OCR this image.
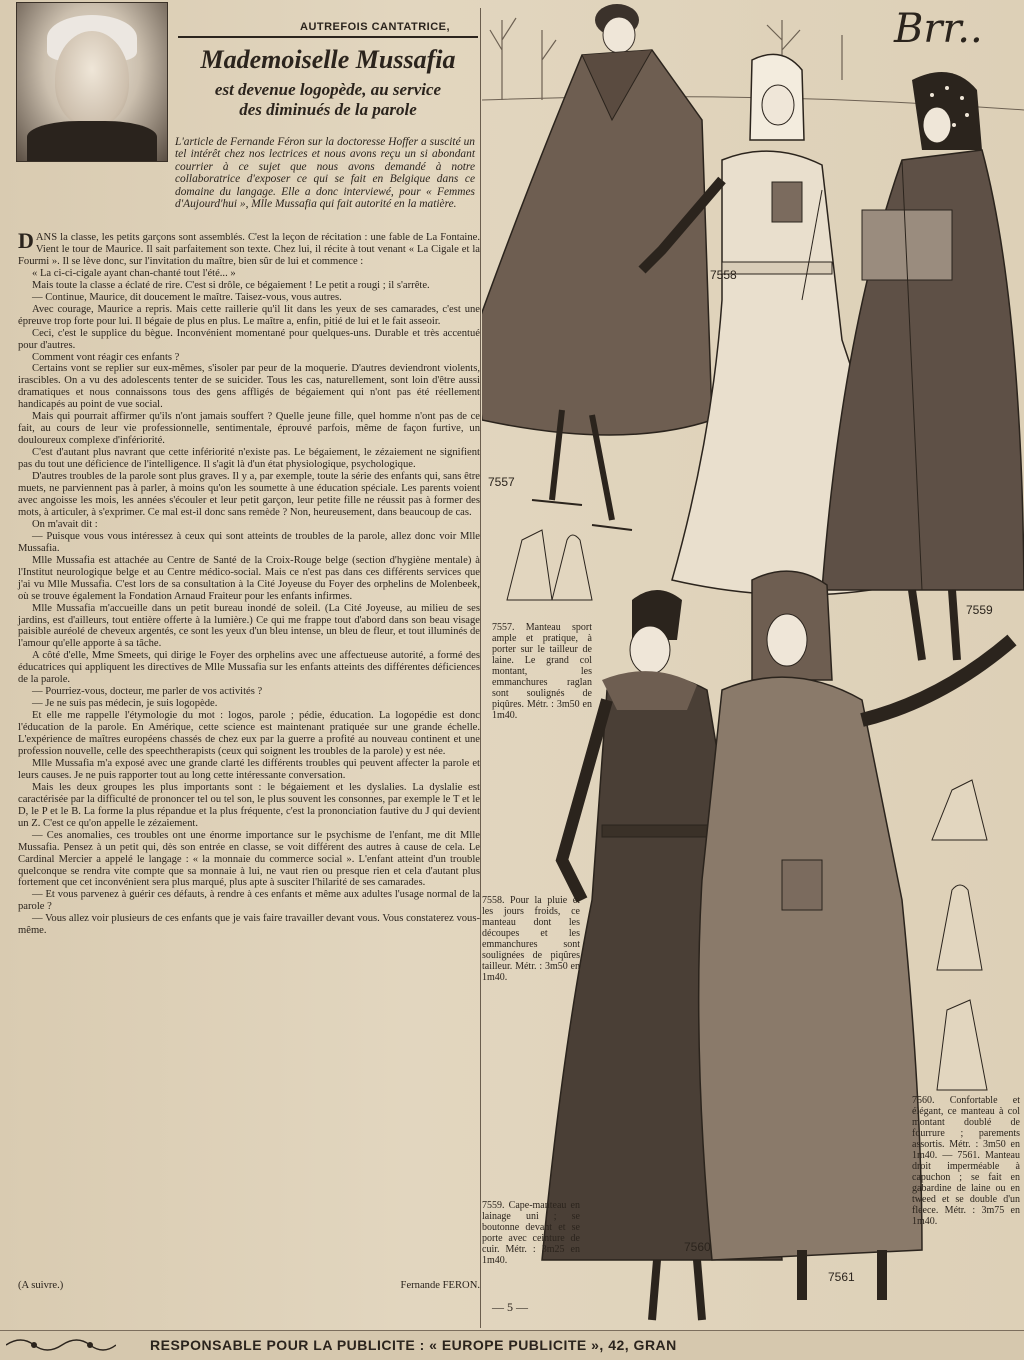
AUTREFOIS CANTATRICE,

Mademoiselle Mussafia
est devenue logopède, au service
des diminués de la parole

L'article de Fernande Féron sur la doctoresse Hoffer a suscité un tel intérêt chez nos lectrices et nous avons reçu un si abondant courrier à ce sujet que nous avons demandé à notre collaboratrice d'exposer ce qui se fait en Belgique dans ce domaine du langage. Elle a donc interviewé, pour « Femmes d'Aujourd'hui », Mlle Mussafia qui fait autorité en la matière.

DANS la classe, les petits garçons sont assemblés. C'est la leçon de récitation : une fable de La Fontaine. Vient le tour de Maurice. Il sait parfaitement son texte. Chez lui, il récite à tout venant « La Cigale et la Fourmi ». Il se lève donc, sur l'invitation du maître, bien sûr de lui et commence :

« La ci-ci-cigale ayant chan-chanté tout l'été... »

Mais toute la classe a éclaté de rire. C'est si drôle, ce bégaiement ! Le petit a rougi ; il s'arrête.

— Continue, Maurice, dit doucement le maître. Taisez-vous, vous autres.

Avec courage, Maurice a repris. Mais cette raillerie qu'il lit dans les yeux de ses camarades, c'est une épreuve trop forte pour lui. Il bégaie de plus en plus. Le maître a, enfin, pitié de lui et le fait asseoir.

Ceci, c'est le supplice du bègue. Inconvénient momentané pour quelques-uns. Durable et très accentué pour d'autres.

Comment vont réagir ces enfants ?

Certains vont se replier sur eux-mêmes, s'isoler par peur de la moquerie. D'autres deviendront violents, irascibles. On a vu des adolescents tenter de se suicider. Tous les cas, naturellement, sont loin d'être aussi dramatiques et nous connaissons tous des gens affligés de bégaiement qui n'ont pas été réellement handicapés au point de vue social.

Mais qui pourrait affirmer qu'ils n'ont jamais souffert ? Quelle jeune fille, quel homme n'ont pas de ce fait, au cours de leur vie professionnelle, sentimentale, éprouvé parfois, même de façon furtive, un douloureux complexe d'infériorité.

C'est d'autant plus navrant que cette infériorité n'existe pas. Le bégaiement, le zézaiement ne signifient pas du tout une déficience de l'intelligence. Il s'agit là d'un état physiologique, psychologique.

D'autres troubles de la parole sont plus graves. Il y a, par exemple, toute la série des enfants qui, sans être muets, ne parviennent pas à parler, à moins qu'on les soumette à une éducation spéciale. Les parents voient avec angoisse les mois, les années s'écouler et leur petit garçon, leur petite fille ne réussit pas à former des mots, à articuler, à s'exprimer. Ce mal est-il donc sans remède ? Non, heureusement, dans beaucoup de cas.

On m'avait dit :

— Puisque vous vous intéressez à ceux qui sont atteints de troubles de la parole, allez donc voir Mlle Mussafia.

Mlle Mussafia est attachée au Centre de Santé de la Croix-Rouge belge (section d'hygiène mentale) à l'Institut neurologique belge et au Centre médico-social. Mais ce n'est pas dans ces différents services que j'ai vu Mlle Mussafia. C'est lors de sa consultation à la Cité Joyeuse du Foyer des orphelins de Molenbeek, où se trouve également la Fondation Arnaud Fraiteur pour les enfants infirmes.

Mlle Mussafia m'accueille dans un petit bureau inondé de soleil. (La Cité Joyeuse, au milieu de ses jardins, est d'ailleurs, tout entière offerte à la lumière.) Ce qui me frappe tout d'abord dans son beau visage paisible auréolé de cheveux argentés, ce sont les yeux d'un bleu intense, un bleu de fleur, et tout illuminés de l'amour qu'elle apporte à sa tâche.

A côté d'elle, Mme Smeets, qui dirige le Foyer des orphelins avec une affectueuse autorité, a formé des éducatrices qui appliquent les directives de Mlle Mussafia sur les enfants atteints des différentes déficiences de la parole.

— Pourriez-vous, docteur, me parler de vos activités ?

— Je ne suis pas médecin, je suis logopède.

Et elle me rappelle l'étymologie du mot : logos, parole ; pédie, éducation. La logopédie est donc l'éducation de la parole. En Amérique, cette science est maintenant pratiquée sur une grande échelle. L'expérience de maîtres européens chassés de chez eux par la guerre a profité au nouveau continent et une profession nouvelle, celle des speechtherapists (ceux qui soignent les troubles de la parole) y est née.

Mlle Mussafia m'a exposé avec une grande clarté les différents troubles qui peuvent affecter la parole et leurs causes. Je ne puis rapporter tout au long cette intéressante conversation.

Mais les deux groupes les plus importants sont : le bégaiement et les dyslalies. La dyslalie est caractérisée par la difficulté de prononcer tel ou tel son, le plus souvent les consonnes, par exemple le T et le D, le P et le B. La forme la plus répandue et la plus fréquente, c'est la prononciation fautive du J qui devient un Z. C'est ce qu'on appelle le zézaiement.

— Ces anomalies, ces troubles ont une énorme importance sur le psychisme de l'enfant, me dit Mlle Mussafia. Pensez à un petit qui, dès son entrée en classe, se voit différent des autres à cause de cela. Le Cardinal Mercier a appelé le langage : « la monnaie du commerce social ». L'enfant atteint d'un trouble quelconque se rendra vite compte que sa monnaie à lui, ne vaut rien ou presque rien et cela d'autant plus fortement que cet inconvénient sera plus marqué, plus apte à susciter l'hilarité de ses camarades.

— Et vous parvenez à guérir ces défauts, à rendre à ces enfants et même aux adultes l'usage normal de la parole ?

— Vous allez voir plusieurs de ces enfants que je vais faire travailler devant vous. Vous constaterez vous-même.

(A suivre.)	Fernande FERON.
— 5 —
Brr..
7557
7558
7559
7560
7561

7557. Manteau sport ample et pratique, à porter sur le tailleur de laine. Le grand col montant, les emmanchures raglan sont soulignés de piqûres. Métr. : 3m50 en 1m40.

7558. Pour la pluie et les jours froids, ce manteau dont les découpes et les emmanchures sont soulignées de piqûres tailleur. Métr. : 3m50 en 1m40.

7559. Cape-manteau en lainage uni ; se boutonne devant et se porte avec ceinture de cuir. Métr. : 3m25 en 1m40.

7560. Confortable et élégant, ce manteau à col montant doublé de fourrure ; parements assortis. Métr. : 3m50 en 1m40. — 7561. Manteau droit imperméable à capuchon ; se fait en gabardine de laine ou en tweed et se double d'un fleece. Métr. : 3m75 en 1m40.

RESPONSABLE POUR LA PUBLICITE : « EUROPE PUBLICITE », 42, GRAN
